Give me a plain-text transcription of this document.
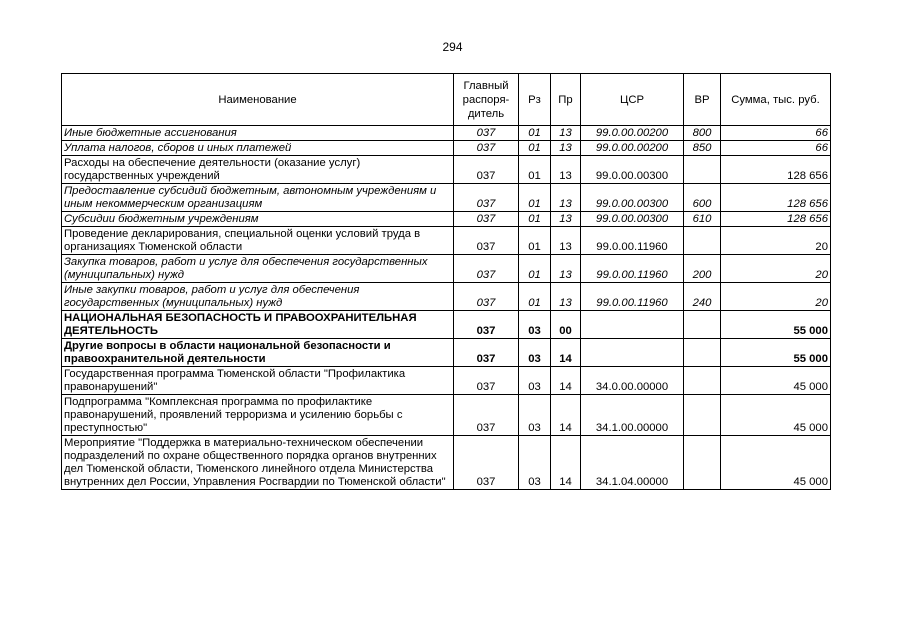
294
Наименование	Главный распоря-дитель	Рз	Пр	ЦСР	ВР	Сумма, тыс. руб.
Иные бюджетные ассигнования	037	01	13	99.0.00.00200	800	66
Уплата налогов, сборов и иных платежей	037	01	13	99.0.00.00200	850	66
Расходы на обеспечение деятельности (оказание услуг) государственных учреждений	037	01	13	99.0.00.00300		128 656
Предоставление субсидий бюджетным, автономным учреждениям и иным некоммерческим организациям	037	01	13	99.0.00.00300	600	128 656
Субсидии бюджетным учреждениям	037	01	13	99.0.00.00300	610	128 656
Проведение декларирования, специальной оценки условий труда в организациях Тюменской области	037	01	13	99.0.00.11960		20
Закупка товаров, работ и услуг для обеспечения государственных (муниципальных) нужд	037	01	13	99.0.00.11960	200	20
Иные закупки товаров, работ и услуг для обеспечения государственных (муниципальных) нужд	037	01	13	99.0.00.11960	240	20
НАЦИОНАЛЬНАЯ БЕЗОПАСНОСТЬ И ПРАВООХРАНИТЕЛЬНАЯ ДЕЯТЕЛЬНОСТЬ	037	03	00			55 000
Другие вопросы в области национальной безопасности и правоохранительной деятельности	037	03	14			55 000
Государственная программа Тюменской области "Профилактика правонарушений"	037	03	14	34.0.00.00000		45 000
Подпрограмма "Комплексная программа по профилактике правонарушений, проявлений терроризма и усилению борьбы с преступностью"	037	03	14	34.1.00.00000		45 000
Мероприятие "Поддержка в материально-техническом обеспечении подразделений по охране общественного порядка органов внутренних дел Тюменской области, Тюменского линейного отдела Министерства внутренних дел России, Управления Росгвардии по Тюменской области"	037	03	14	34.1.04.00000		45 000
